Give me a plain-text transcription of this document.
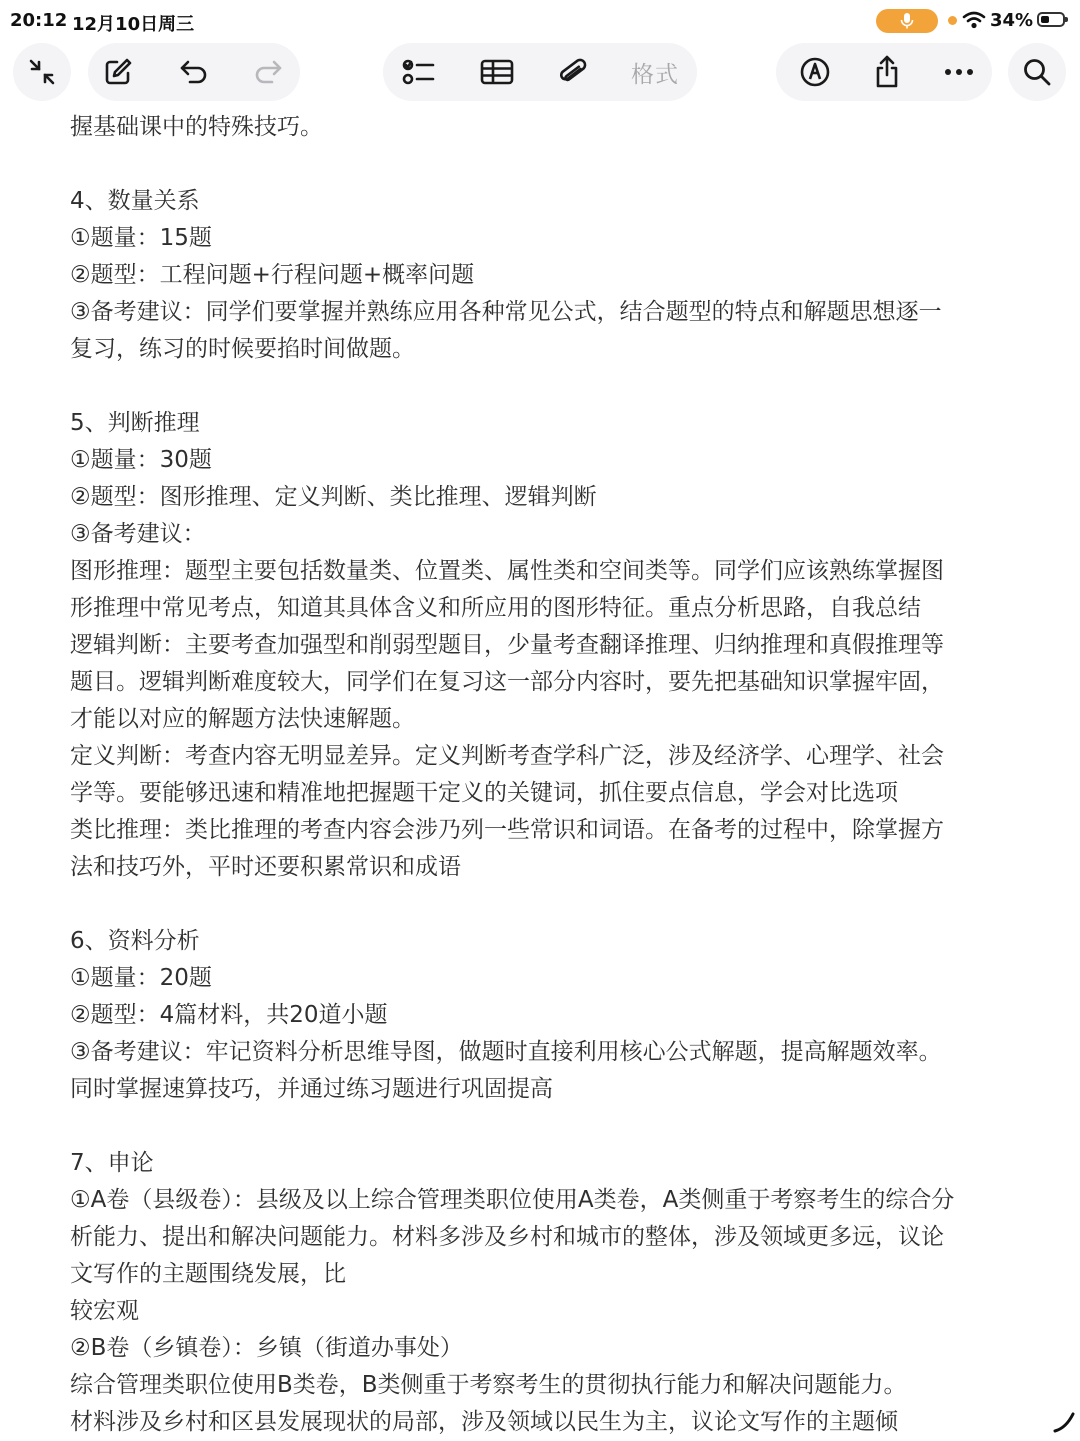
20:12 12月10日周三	34%
格式
握基础课中的特殊技巧。
4、数量关系
①题量：15题
②题型：工程问题+行程问题+概率问题
③备考建议：同学们要掌握并熟练应用各种常见公式，结合题型的特点和解题思想逐一
复习，练习的时候要掐时间做题。
5、判断推理
①题量：30题
②题型：图形推理、定义判断、类比推理、逻辑判断
③备考建议：
图形推理：题型主要包括数量类、位置类、属性类和空间类等。同学们应该熟练掌握图
形推理中常见考点，知道其具体含义和所应用的图形特征。重点分析思路，自我总结
逻辑判断：主要考查加强型和削弱型题目，少量考查翻译推理、归纳推理和真假推理等
题目。逻辑判断难度较大，同学们在复习这一部分内容时，要先把基础知识掌握牢固，
才能以对应的解题方法快速解题。
定义判断：考查内容无明显差异。定义判断考查学科广泛，涉及经济学、心理学、社会
学等。要能够迅速和精准地把握题干定义的关键词，抓住要点信息，学会对比选项
类比推理：类比推理的考查内容会涉乃列一些常识和词语。在备考的过程中，除掌握方
法和技巧外，平时还要积累常识和成语
6、资料分析
①题量：20题
②题型：4篇材料，共20道小题
③备考建议：牢记资料分析思维导图，做题时直接利用核心公式解题，提高解题效率。
同时掌握速算技巧，并通过练习题进行巩固提高
7、申论
①A卷（县级卷）：县级及以上综合管理类职位使用A类卷，A类侧重于考察考生的综合分
析能力、提出和解决问题能力。材料多涉及乡村和城市的整体，涉及领域更多远，议论
文写作的主题围绕发展，比
较宏观
②B卷（乡镇卷）：乡镇（街道办事处）
综合管理类职位使用B类卷，B类侧重于考察考生的贯彻执行能力和解决问题能力。
材料涉及乡村和区县发展现状的局部，涉及领域以民生为主，议论文写作的主题倾
